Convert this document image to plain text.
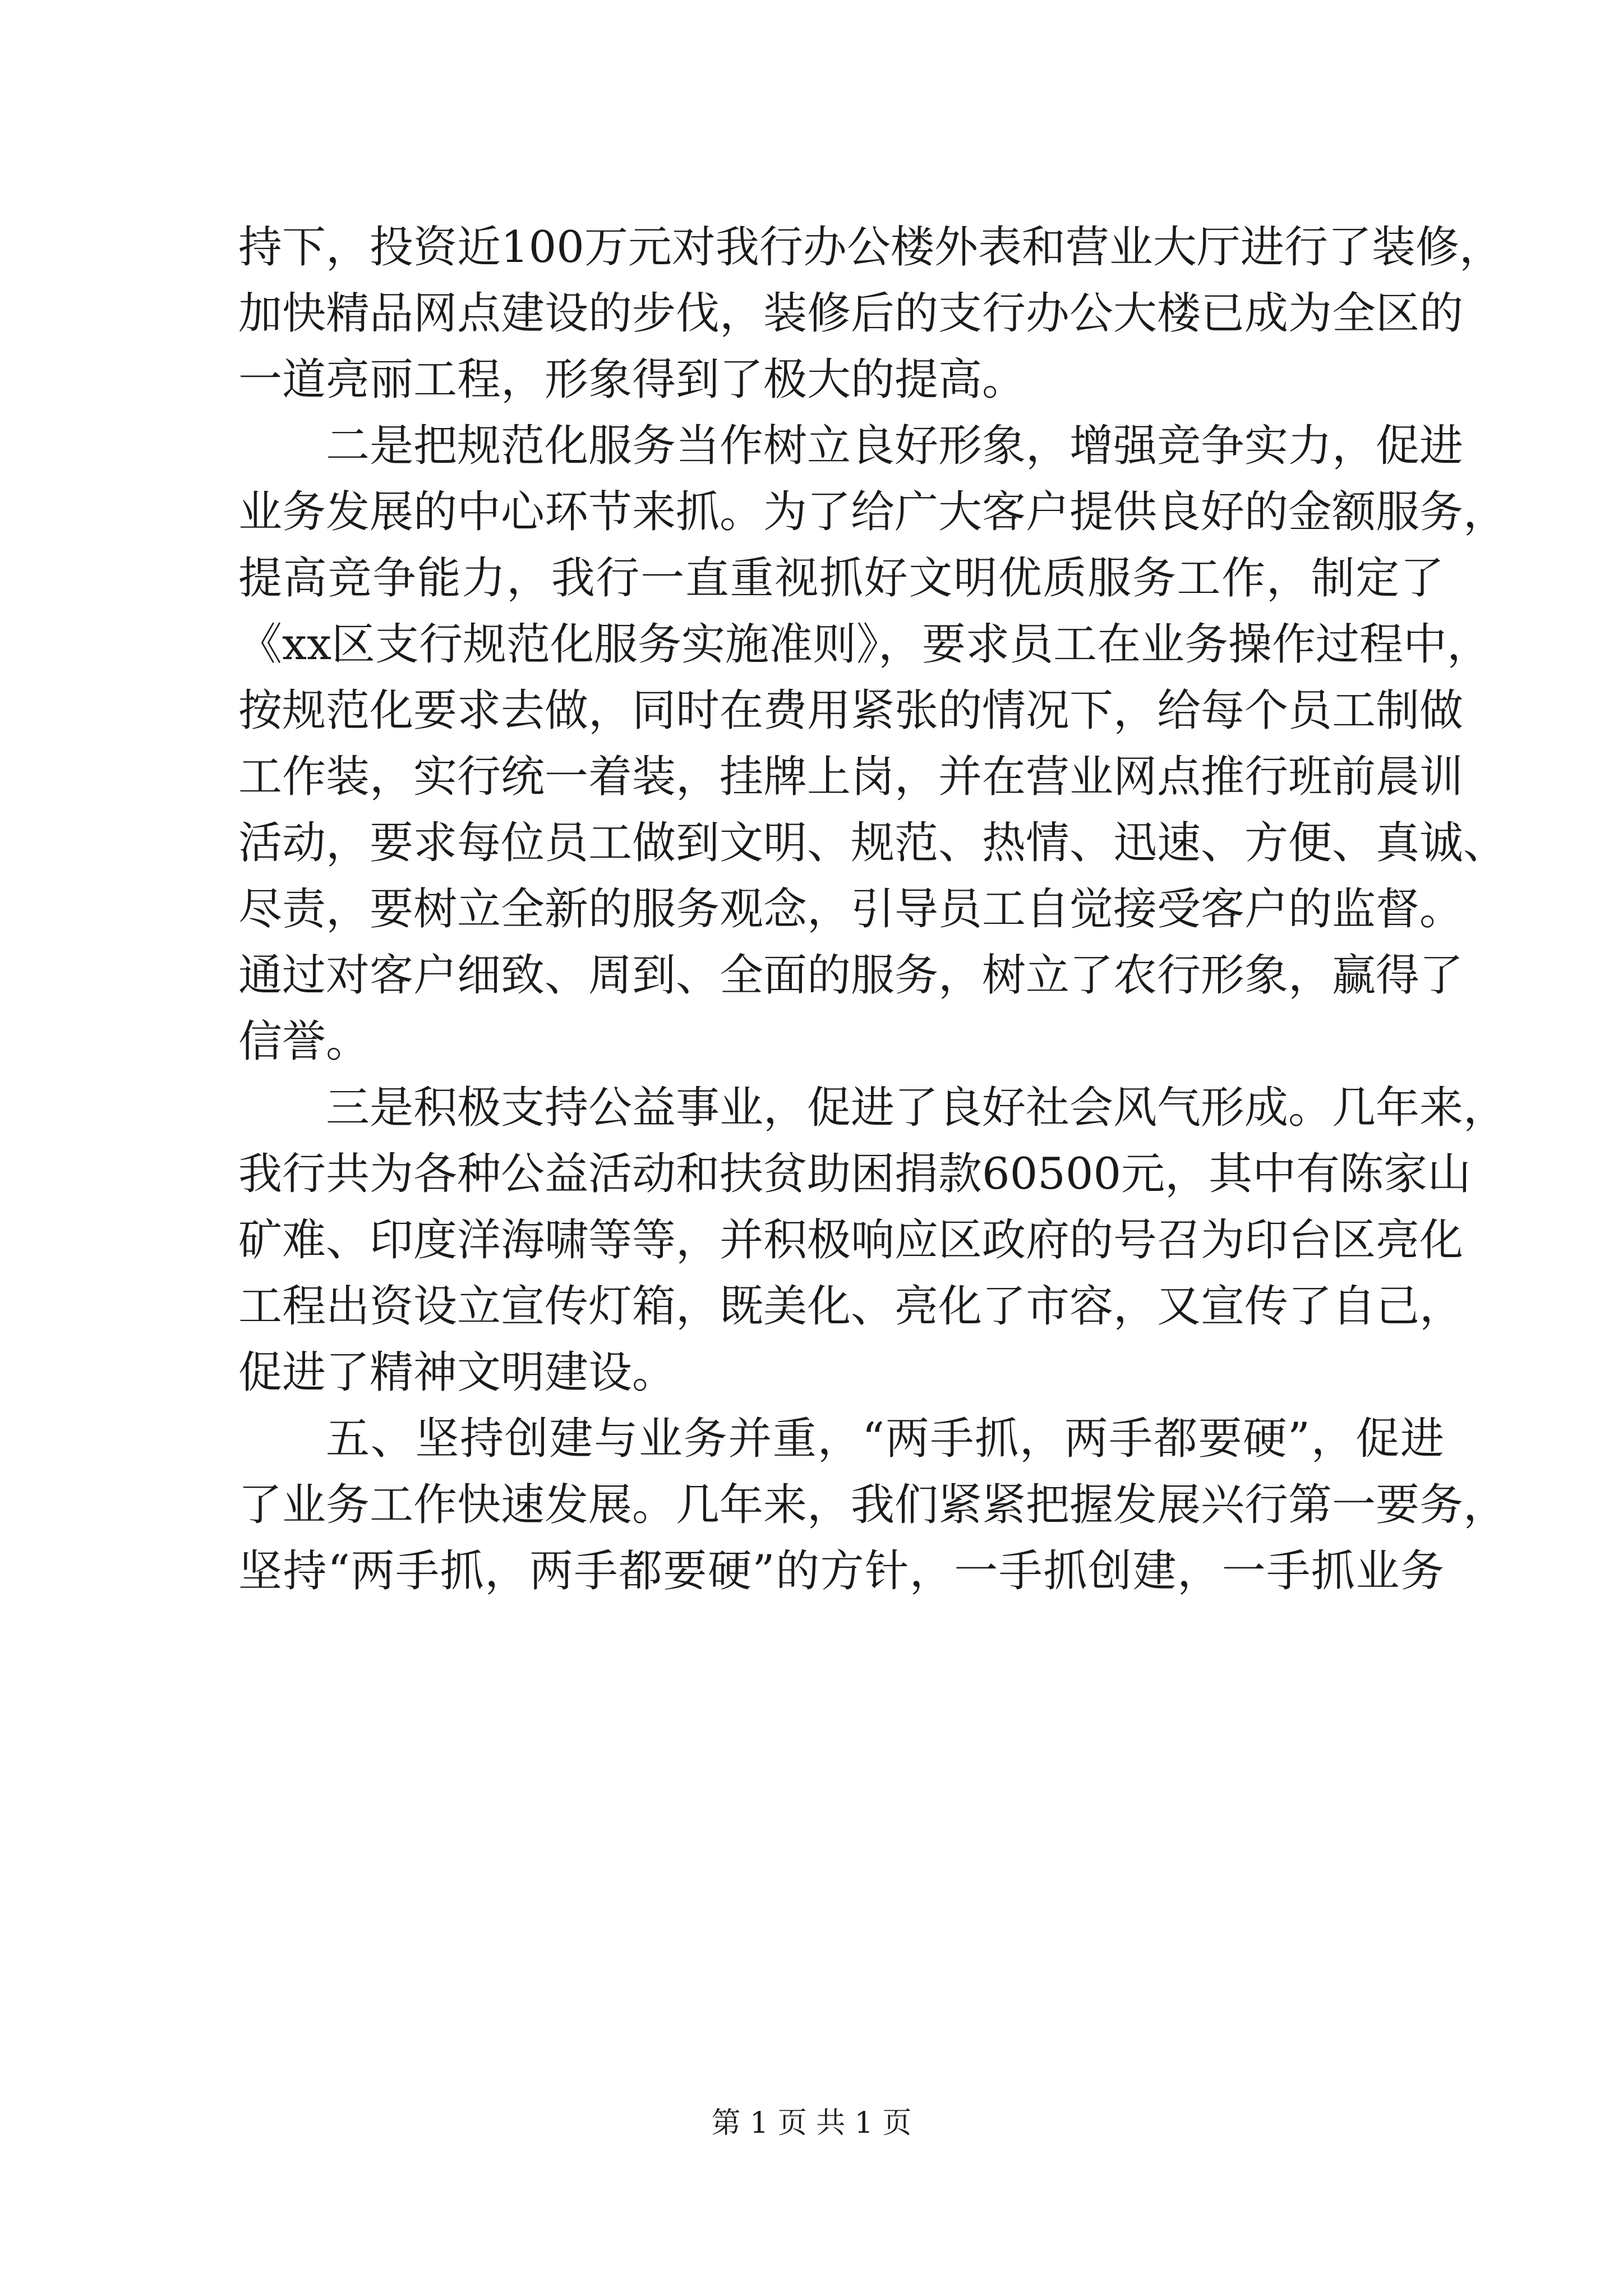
持下，投资近100万元对我行办公楼外表和营业大厅进行了装修，
加快精品网点建设的步伐，装修后的支行办公大楼已成为全区的
一道亮丽工程，形象得到了极大的提高。
二是把规范化服务当作树立良好形象，增强竞争实力，促进
业务发展的中心环节来抓。为了给广大客户提供良好的金额服务，
提高竞争能力，我行一直重视抓好文明优质服务工作，制定了
《xx区支行规范化服务实施准则》，要求员工在业务操作过程中，
按规范化要求去做，同时在费用紧张的情况下，给每个员工制做
工作装，实行统一着装，挂牌上岗，并在营业网点推行班前晨训
活动，要求每位员工做到文明、规范、热情、迅速、方便、真诚、
尽责，要树立全新的服务观念，引导员工自觉接受客户的监督。
通过对客户细致、周到、全面的服务，树立了农行形象，赢得了
信誉。
三是积极支持公益事业，促进了良好社会风气形成。几年来，
我行共为各种公益活动和扶贫助困捐款60500元，其中有陈家山
矿难、印度洋海啸等等，并积极响应区政府的号召为印台区亮化
工程出资设立宣传灯箱，既美化、亮化了市容，又宣传了自己，
促进了精神文明建设。
五、坚持创建与业务并重，“两手抓，两手都要硬”，促进
了业务工作快速发展。几年来，我们紧紧把握发展兴行第一要务，
坚持“两手抓，两手都要硬”的方针，一手抓创建，一手抓业务
第 1 页 共 1 页
